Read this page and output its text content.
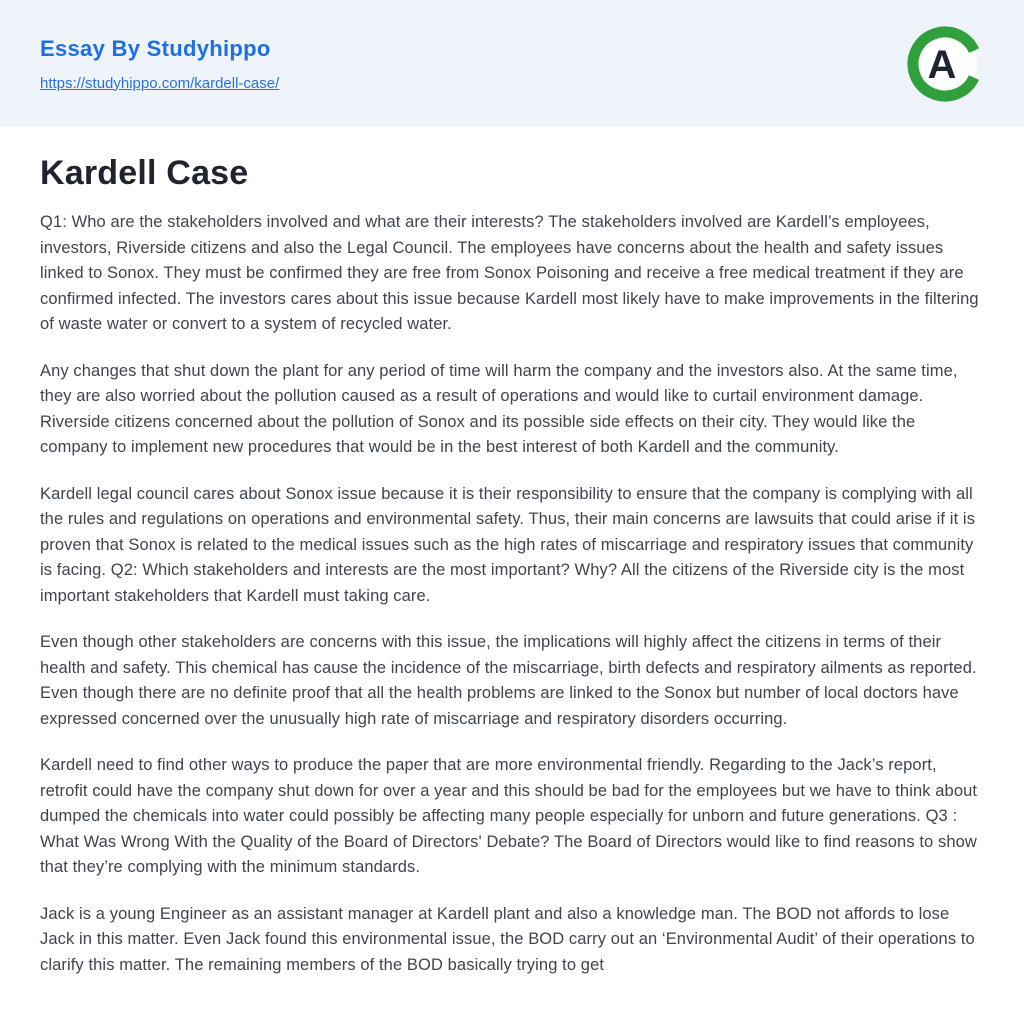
Essay By Studyhippo
https://studyhippo.com/kardell-case/	A
Kardell Case

Q1: Who are the stakeholders involved and what are their interests? The stakeholders involved are Kardell’s employees, investors, Riverside citizens and also the Legal Council. The employees have concerns about the health and safety issues linked to Sonox. They must be confirmed they are free from Sonox Poisoning and receive a free medical treatment if they are confirmed infected. The investors cares about this issue because Kardell most likely have to make improvements in the filtering of waste water or convert to a system of recycled water.

Any changes that shut down the plant for any period of time will harm the company and the investors also. At the same time, they are also worried about the pollution caused as a result of operations and would like to curtail environment damage. Riverside citizens concerned about the pollution of Sonox and its possible side effects on their city. They would like the company to implement new procedures that would be in the best interest of both Kardell and the community.

Kardell legal council cares about Sonox issue because it is their responsibility to ensure that the company is complying with all the rules and regulations on operations and environmental safety. Thus, their main concerns are lawsuits that could arise if it is proven that Sonox is related to the medical issues such as the high rates of miscarriage and respiratory issues that community is facing. Q2: Which stakeholders and interests are the most important? Why? All the citizens of the Riverside city is the most important stakeholders that Kardell must taking care.

Even though other stakeholders are concerns with this issue, the implications will highly affect the citizens in terms of their health and safety. This chemical has cause the incidence of the miscarriage, birth defects and respiratory ailments as reported. Even though there are no definite proof that all the health problems are linked to the Sonox but number of local doctors have expressed concerned over the unusually high rate of miscarriage and respiratory disorders occurring.

Kardell need to find other ways to produce the paper that are more environmental friendly. Regarding to the Jack’s report, retrofit could have the company shut down for over a year and this should be bad for the employees but we have to think about dumped the chemicals into water could possibly be affecting many people especially for unborn and future generations. Q3 : What Was Wrong With the Quality of the Board of Directors' Debate? The Board of Directors would like to find reasons to show that they’re complying with the minimum standards.

Jack is a young Engineer as an assistant manager at Kardell plant and also a knowledge man. The BOD not affords to lose Jack in this matter. Even Jack found this environmental issue, the BOD carry out an ‘Environmental Audit’ of their operations to clarify this matter. The remaining members of the BOD basically trying to get
